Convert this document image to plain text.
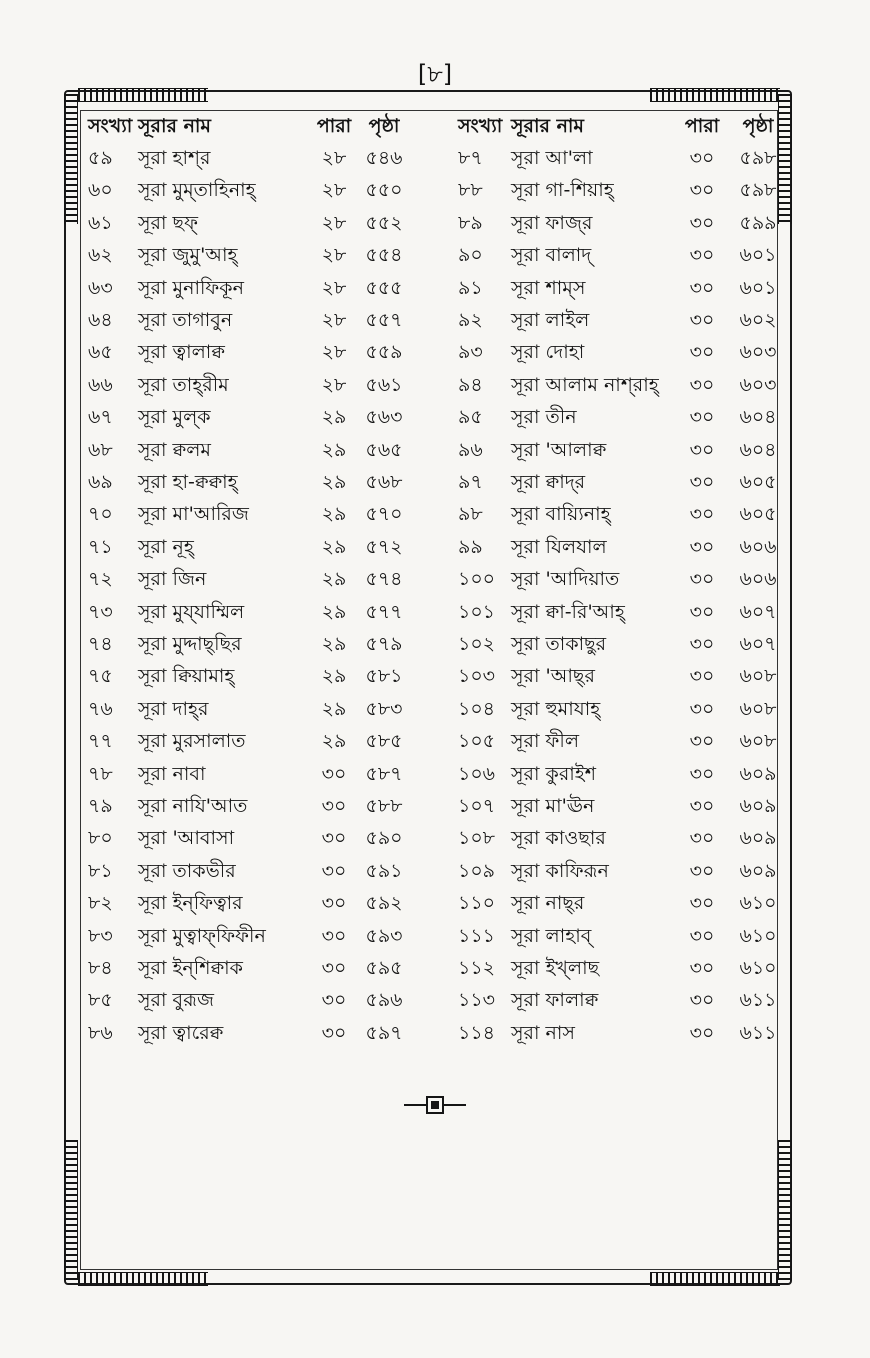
[৮]
সংখ্যা সূরার নাম	পারা পৃষ্ঠা	সংখ্যা সূরার নাম	পারা	পৃষ্ঠা
৫৯	সূরা হাশ্‌র	২৮	৫৪৬	৮৭	সূরা আ'লা	৩০	৫৯৮
৬০	সূরা মুম্‌তাহিনাহ্‌	২৮	৫৫০	৮৮	সূরা গা-শিয়াহ্‌	৩০	৫৯৮
৬১	সূরা ছফ্‌	২৮	৫৫২	৮৯	সূরা ফাজ্‌র	৩০	৫৯৯
৬২	সূরা জুমু'আহ্‌	২৮	৫৫৪	৯০	সূরা বালাদ্‌	৩০	৬০১
৬৩	সূরা মুনাফিকূন	২৮	৫৫৫	৯১	সূরা শাম্‌স	৩০	৬০১
৬৪	সূরা তাগাবুন	২৮	৫৫৭	৯২	সূরা লাইল	৩০	৬০২
৬৫	সূরা ত্বালাক্ব	২৮	৫৫৯	৯৩	সূরা দোহা	৩০	৬০৩
৬৬	সূরা তাহ্‌রীম	২৮	৫৬১	৯৪	সূরা আলাম নাশ্‌রাহ্‌	৩০	৬০৩
৬৭	সূরা মুল্‌ক	২৯	৫৬৩	৯৫	সূরা তীন	৩০	৬০৪
৬৮	সূরা ক্বলম	২৯	৫৬৫	৯৬	সূরা 'আলাক্ব	৩০	৬০৪
৬৯	সূরা হা-ক্বক্বাহ্‌	২৯	৫৬৮	৯৭	সূরা ক্বাদ্‌র	৩০	৬০৫
৭০	সূরা মা'আরিজ	২৯	৫৭০	৯৮	সূরা বায়্যিনাহ্‌	৩০	৬০৫
৭১	সূরা নূহ্‌	২৯	৫৭২	৯৯	সূরা যিলযাল	৩০	৬০৬
৭২	সূরা জিন	২৯	৫৭৪	১০০ সূরা 'আদিয়াত	৩০	৬০৬
৭৩	সূরা মুয্‌যাম্মিল	২৯	৫৭৭	১০১ সূরা ক্বা-রি'আহ্‌	৩০	৬০৭
৭৪	সূরা মুদ্দাছ্‌ছির	২৯	৫৭৯	১০২ সূরা তাকাছুর	৩০	৬০৭
৭৫	সূরা ক্বিয়ামাহ্‌	২৯	৫৮১	১০৩ সূরা 'আছ্‌র	৩০	৬০৮
৭৬	সূরা দাহ্‌র	২৯	৫৮৩	১০৪ সূরা হুমাযাহ্‌	৩০	৬০৮
৭৭	সূরা মুরসালাত	২৯	৫৮৫	১০৫ সূরা ফীল	৩০	৬০৮
৭৮	সূরা নাবা	৩০	৫৮৭	১০৬ সূরা কুরাইশ	৩০	৬০৯
৭৯	সূরা নাযি'আত	৩০	৫৮৮	১০৭ সূরা মা'ঊন	৩০	৬০৯
৮০	সূরা 'আবাসা	৩০	৫৯০	১০৮ সূরা কাওছার	৩০	৬০৯
৮১	সূরা তাকভীর	৩০	৫৯১	১০৯ সূরা কাফিরূন	৩০	৬০৯
৮২	সূরা ইন্‌ফিত্বার	৩০	৫৯২	১১০ সূরা নাছ্‌র	৩০	৬১০
৮৩	সূরা মুত্বাফ্‌ফিফীন	৩০	৫৯৩	১১১ সূরা লাহাব্‌	৩০	৬১০
৮৪	সূরা ইন্‌শিক্বাক	৩০	৫৯৫	১১২ সূরা ইখ্‌লাছ	৩০	৬১০
৮৫	সূরা বুরূজ	৩০	৫৯৬	১১৩ সূরা ফালাক্ব	৩০	৬১১
৮৬	সূরা ত্বারেক্ব	৩০	৫৯৭	১১৪ সূরা নাস	৩০	৬১১
